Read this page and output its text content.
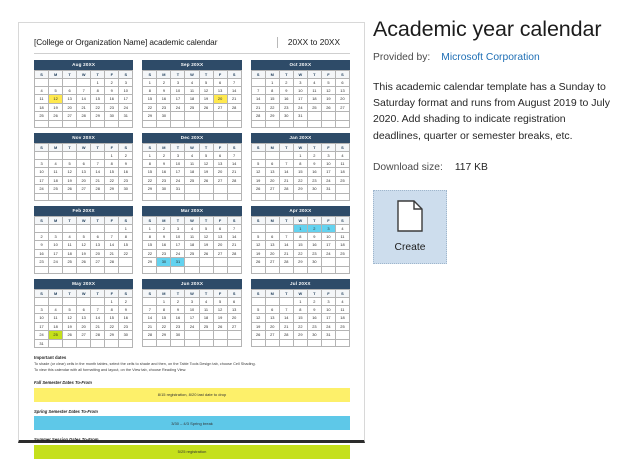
[College or Organization Name] academic calendar	20XX to 20XX
Aug 20XX
S	M	T	W	T	F	S
				1	2	3
4	5	6	7	8	9	10
11	12	13	14	15	16	17
18	19	20	21	22	23	24
25	26	27	28	29	30	31

Sep 20XX
S	M	T	W	T	F	S
1	2	3	4	5	6	7
8	9	10	11	12	13	14
15	16	17	18	19	20	21
22	23	24	25	26	27	28
29	30					

Oct 20XX
S	M	T	W	T	F	S
	1	2	3	4	5	6
7	8	9	10	11	12	13
14	15	16	17	18	19	20
21	22	23	24	25	26	27
28	29	30	31			

Nov 20XX
S	M	T	W	T	F	S
					1	2
3	4	5	6	7	8	9
10	11	12	13	14	15	16
17	18	19	20	21	22	23
24	25	26	27	28	29	30

Dec 20XX
S	M	T	W	T	F	S
1	2	3	4	5	6	7
8	9	10	11	12	13	14
15	16	17	18	19	20	21
22	23	24	25	26	27	28
29	30	31				

Jan 20XX
S	M	T	W	T	F	S
			1	2	3	4
5	6	7	8	9	10	11
12	13	14	15	16	17	18
19	20	21	22	23	24	25
26	27	28	29	30	31	

Feb 20XX
S	M	T	W	T	F	S
						1
2	3	4	5	6	7	8
9	10	11	12	13	14	15
16	17	18	19	20	21	22
23	24	25	26	27	28	

Mar 20XX
S	M	T	W	T	F	S
1	2	3	4	5	6	7
8	9	10	11	12	13	14
15	16	17	18	19	20	21
22	23	24	25	26	27	28
29	30	31				

Apr 20XX
S	M	T	W	T	F	S
			1	2	3	4
5	6	7	8	9	10	11
12	13	14	15	16	17	18
19	20	21	22	23	24	25
26	27	28	29	30		

May 20XX
S	M	T	W	T	F	S
					1	2
3	4	5	6	7	8	9
10	11	12	13	14	15	16
17	18	19	20	21	22	23
24	25	26	27	28	29	30
31						
Jun 20XX
S	M	T	W	T	F	S
	1	2	3	4	5	6
7	8	9	10	11	12	13
14	15	16	17	18	19	20
21	22	23	24	25	26	27
28	29	30				

Jul 20XX
S	M	T	W	T	F	S
			1	2	3	4
5	6	7	8	9	10	11
12	13	14	15	16	17	18
19	20	21	22	23	24	25
26	27	28	29	30	31	

Important dates
To shade (or clear) cells in the month tables, select the cells to shade and then, on the Table Tools Design tab, choose Cell Shading.
To view this calendar with all formatting and layout, on the View tab, choose Reading View.
Fall Semester Dates To-From
8/15 registration, 8/20 last date to drop
Spring Semester Dates To-From
3/30 – 4/3 Spring break
Summer Session Dates To-From
5/25 registration
Academic year calendar
Provided by: Microsoft Corporation

This academic calendar template has a Sunday to Saturday format and runs from August 2019 to July 2020. Add shading to indicate registration deadlines, quarter or semester breaks, etc.

Download size: 117 KB
Create
